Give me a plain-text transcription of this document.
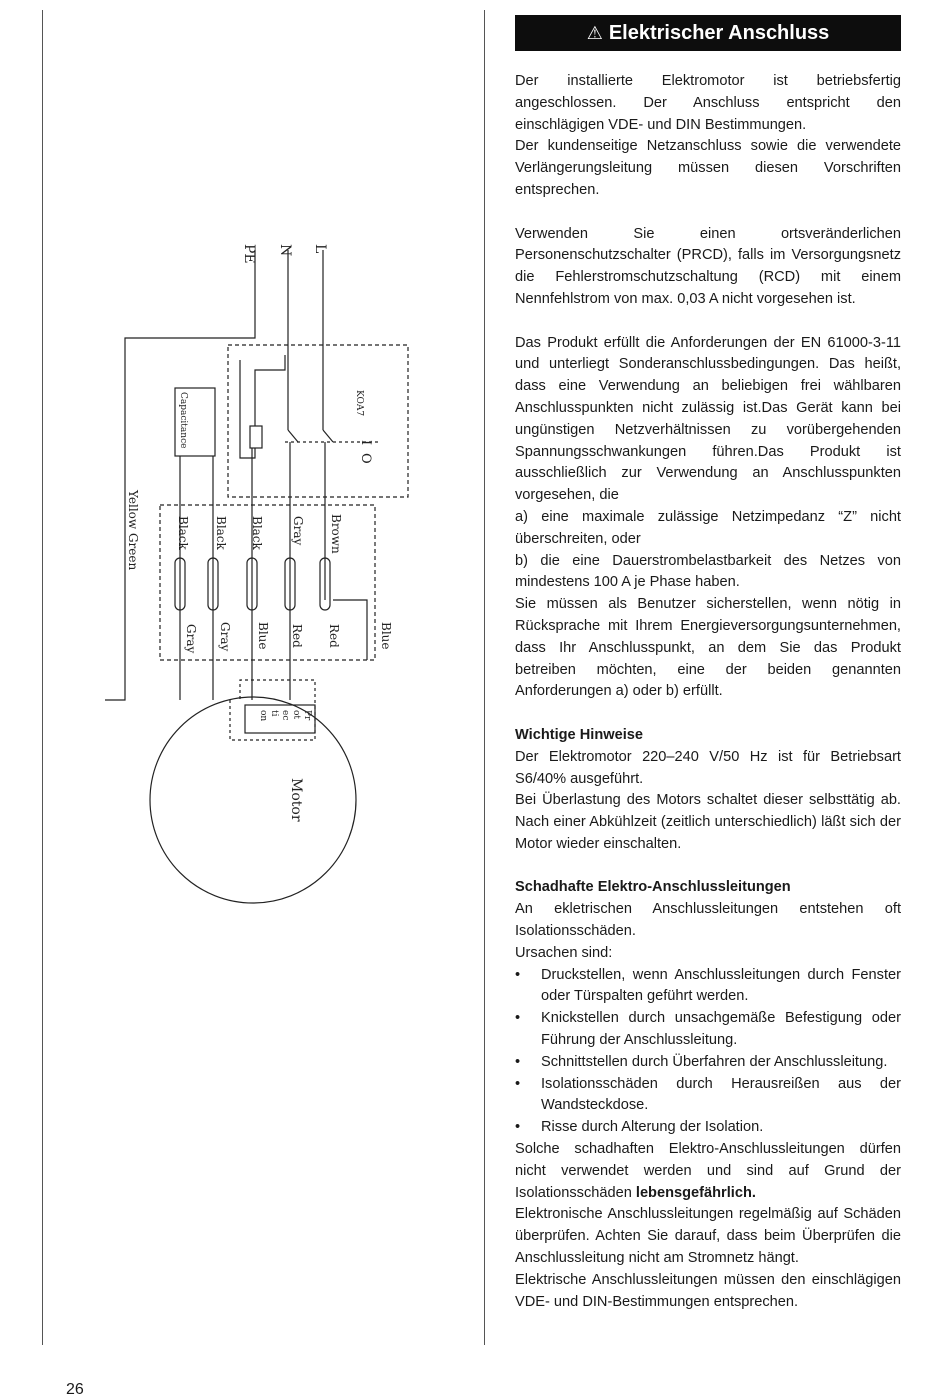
PE N L
KOA7
Capacitance	I
O
Yellow Green	Black Black Black Gray Brown
Gray Gray Blue Red Red	Blue
Pr
ot
ec
ti
on
Motor
⚠ Elektrischer Anschluss

Der installierte Elektromotor ist betriebsfertig angeschlossen. Der Anschluss entspricht den einschlägigen VDE- und DIN Bestimmungen.

Der kundenseitige Netzanschluss sowie die verwendete Verlängerungsleitung müssen diesen Vorschriften entsprechen.

Verwenden Sie einen ortsveränderlichen Personenschutzschalter (PRCD), falls im Versorgungsnetz die Fehlerstromschutzschaltung (RCD) mit einem Nennfehlstrom von max. 0,03 A nicht vorgesehen ist.

Das Produkt erfüllt die Anforderungen der EN 61000-3-11 und unterliegt Sonderanschlussbedingungen. Das heißt, dass eine Verwendung an beliebigen frei wählbaren Anschlusspunkten nicht zulässig ist.Das Gerät kann bei ungünstigen Netzverhältnissen zu vorübergehenden Spannungsschwankungen führen.Das Produkt ist ausschließlich zur Verwendung an Anschlusspunkten vorgesehen, die

a) eine maximale zulässige Netzimpedanz “Z” nicht überschreiten, oder

b) die eine Dauerstrombelastbarkeit des Netzes von mindestens 100 A je Phase haben.

Sie müssen als Benutzer sicherstellen, wenn nötig in Rücksprache mit Ihrem Energieversorgungsunternehmen, dass Ihr Anschlusspunkt, an dem Sie das Produkt betreiben möchten, eine der beiden genannten Anforderungen a) oder b) erfüllt.

Wichtige Hinweise

Der Elektromotor 220–240 V/50 Hz ist für Betriebsart S6/40% ausgeführt.

Bei Überlastung des Motors schaltet dieser selbsttätig ab. Nach einer Abkühlzeit (zeitlich unterschiedlich) läßt sich der Motor wieder einschalten.

Schadhafte Elektro-Anschlussleitungen

An ekletrischen Anschlussleitungen entstehen oft Isolationsschäden.

Ursachen sind:

• Druckstellen, wenn Anschlussleitungen durch Fenster oder Türspalten geführt werden.
• Knickstellen durch unsachgemäße Befestigung oder Führung der Anschlussleitung.
• Schnittstellen durch Überfahren der Anschlussleitung.
• Isolationsschäden durch Herausreißen aus der Wandsteckdose.
• Risse durch Alterung der Isolation.

Solche schadhaften Elektro-Anschlussleitungen dürfen nicht verwendet werden und sind auf Grund der Isolationsschäden lebensgefährlich.

Elektronische Anschlussleitungen regelmäßig auf Schäden überprüfen. Achten Sie darauf, dass beim Überprüfen die Anschlussleitung nicht am Stromnetz hängt.

Elektrische Anschlussleitungen müssen den einschlägigen VDE- und DIN-Bestimmungen entsprechen.

26
